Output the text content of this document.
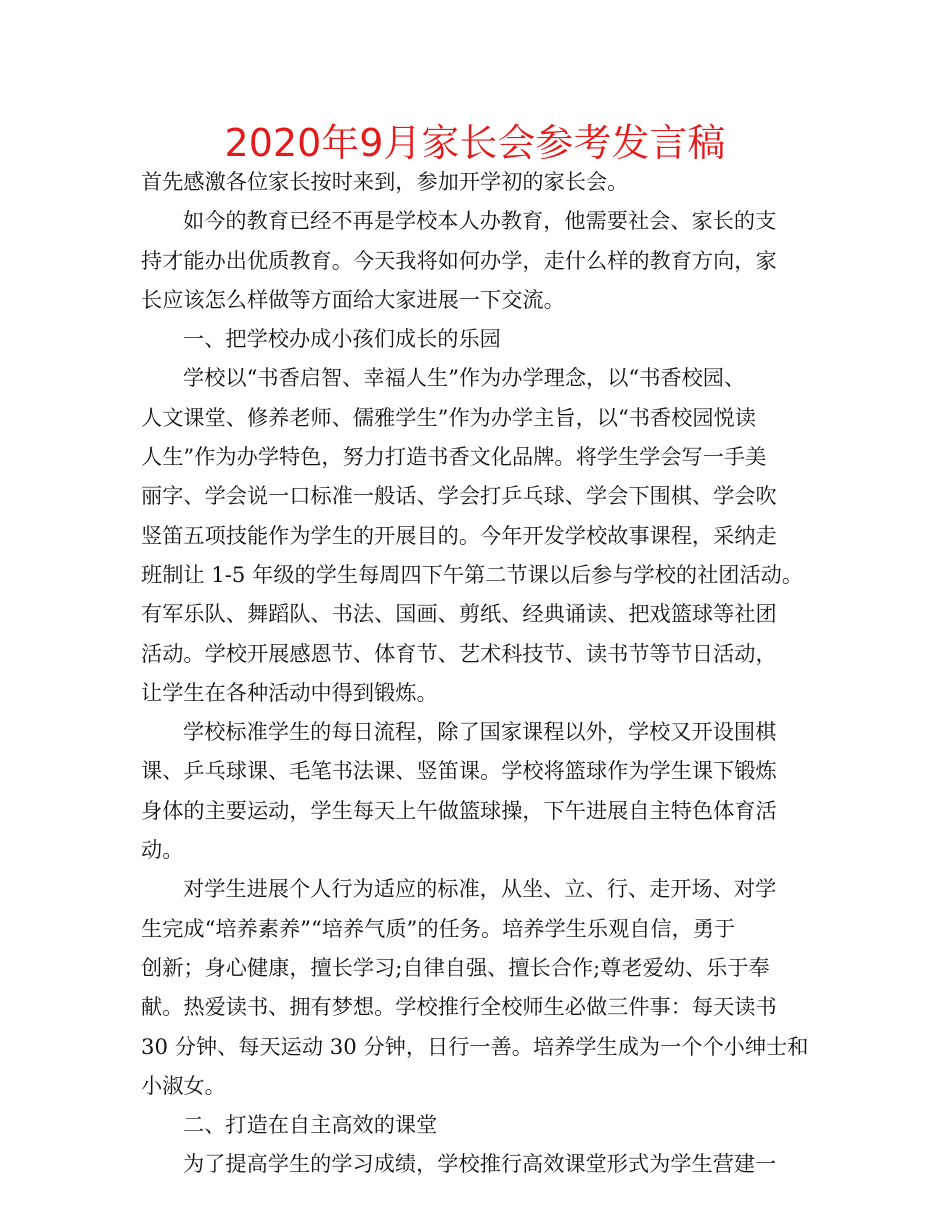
2020年9月家长会参考发言稿

首先感激各位家长按时来到，参加开学初的家长会。

如今的教育已经不再是学校本人办教育，他需要社会、家长的支

持才能办出优质教育。今天我将如何办学，走什么样的教育方向，家

长应该怎么样做等方面给大家进展一下交流。

一、把学校办成小孩们成长的乐园

学校以“书香启智、幸福人生”作为办学理念，以“书香校园、

人文课堂、修养老师、儒雅学生”作为办学主旨，以“书香校园悦读

人生”作为办学特色，努力打造书香文化品牌。将学生学会写一手美

丽字、学会说一口标准一般话、学会打乒乓球、学会下围棋、学会吹

竖笛五项技能作为学生的开展目的。今年开发学校故事课程，采纳走

班制让 1-5 年级的学生每周四下午第二节课以后参与学校的社团活动。

有军乐队、舞蹈队、书法、国画、剪纸、经典诵读、把戏篮球等社团

活动。学校开展感恩节、体育节、艺术科技节、读书节等节日活动，

让学生在各种活动中得到锻炼。

学校标准学生的每日流程，除了国家课程以外，学校又开设围棋

课、乒乓球课、毛笔书法课、竖笛课。学校将篮球作为学生课下锻炼

身体的主要运动，学生每天上午做篮球操，下午进展自主特色体育活

动。

对学生进展个人行为适应的标准，从坐、立、行、走开场、对学

生完成“培养素养”“培养气质”的任务。培养学生乐观自信，勇于

创新；身心健康，擅长学习;自律自强、擅长合作;尊老爱幼、乐于奉

献。热爱读书、拥有梦想。学校推行全校师生必做三件事：每天读书

30 分钟、每天运动 30 分钟，日行一善。培养学生成为一个个小绅士和

小淑女。

二、打造在自主高效的课堂

为了提高学生的学习成绩，学校推行高效课堂形式为学生营建一
